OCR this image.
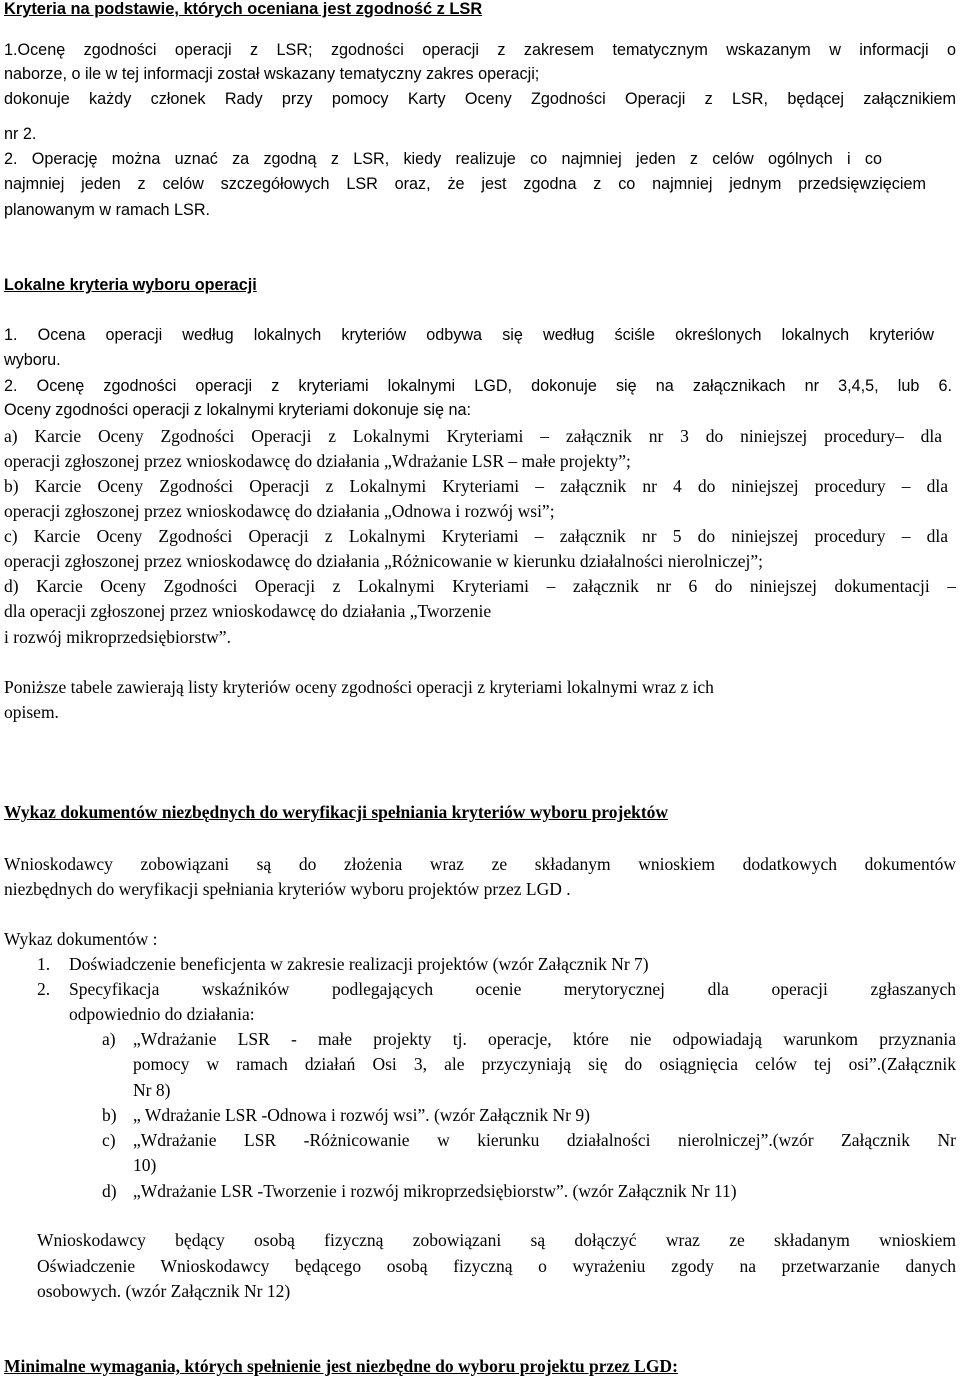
Kryteria na podstawie, których oceniana jest zgodność z LSR
1.Ocenę zgodności operacji z LSR; zgodności operacji z zakresem tematycznym wskazanym w informacji o
naborze, o ile w tej informacji został wskazany tematyczny zakres operacji;
dokonuje każdy członek Rady przy pomocy Karty Oceny Zgodności Operacji z LSR, będącej załącznikiem
nr 2.
2. Operację można uznać za zgodną z LSR, kiedy realizuje co najmniej jeden z celów ogólnych i co
najmniej jeden z celów szczegółowych LSR oraz, że jest zgodna z co najmniej jednym przedsięwzięciem
planowanym w ramach LSR.
Lokalne kryteria wyboru operacji
1. Ocena operacji według lokalnych kryteriów odbywa się według ściśle określonych lokalnych kryteriów
wyboru.
2. Ocenę zgodności operacji z kryteriami lokalnymi LGD, dokonuje się na załącznikach nr 3,4,5, lub 6.
Oceny zgodności operacji z lokalnymi kryteriami dokonuje się na:
a) Karcie Oceny Zgodności Operacji z Lokalnymi Kryteriami – załącznik nr 3 do niniejszej procedury– dla
operacji zgłoszonej przez wnioskodawcę do działania „Wdrażanie LSR – małe projekty”;
b) Karcie Oceny Zgodności Operacji z Lokalnymi Kryteriami – załącznik nr 4 do niniejszej procedury – dla
operacji zgłoszonej przez wnioskodawcę do działania „Odnowa i rozwój wsi”;
c) Karcie Oceny Zgodności Operacji z Lokalnymi Kryteriami – załącznik nr 5 do niniejszej procedury – dla
operacji zgłoszonej przez wnioskodawcę do działania „Różnicowanie w kierunku działalności nierolniczej”;
d) Karcie Oceny Zgodności Operacji z Lokalnymi Kryteriami – załącznik nr 6 do niniejszej dokumentacji –
dla operacji zgłoszonej przez wnioskodawcę do działania „Tworzenie
i rozwój mikroprzedsiębiorstw”.
Poniższe tabele zawierają listy kryteriów oceny zgodności operacji z kryteriami lokalnymi wraz z ich
opisem.
Wykaz dokumentów niezbędnych do weryfikacji spełniania kryteriów wyboru projektów
Wnioskodawcy zobowiązani są do złożenia wraz ze składanym wnioskiem dodatkowych dokumentów
niezbędnych do weryfikacji spełniania kryteriów wyboru projektów przez LGD .
Wykaz dokumentów :
1. Doświadczenie beneficjenta w zakresie realizacji projektów (wzór Załącznik Nr 7)
2. Specyfikacja wskaźników podlegających ocenie merytorycznej dla operacji zgłaszanych
odpowiednio do działania:
a) „Wdrażanie LSR - małe projekty tj. operacje, które nie odpowiadają warunkom przyznania
pomocy w ramach działań Osi 3, ale przyczyniają się do osiągnięcia celów tej osi”.(Załącznik
Nr 8)
b) „ Wdrażanie LSR -Odnowa i rozwój wsi”. (wzór Załącznik Nr 9)
c) „Wdrażanie LSR -Różnicowanie w kierunku działalności nierolniczej”.(wzór Załącznik Nr
10)
d) „Wdrażanie LSR -Tworzenie i rozwój mikroprzedsiębiorstw”. (wzór Załącznik Nr 11)
Wnioskodawcy będący osobą fizyczną zobowiązani są dołączyć wraz ze składanym wnioskiem
Oświadczenie Wnioskodawcy będącego osobą fizyczną o wyrażeniu zgody na przetwarzanie danych
osobowych. (wzór Załącznik Nr 12)
Minimalne wymagania, których spełnienie jest niezbędne do wyboru projektu przez LGD:
